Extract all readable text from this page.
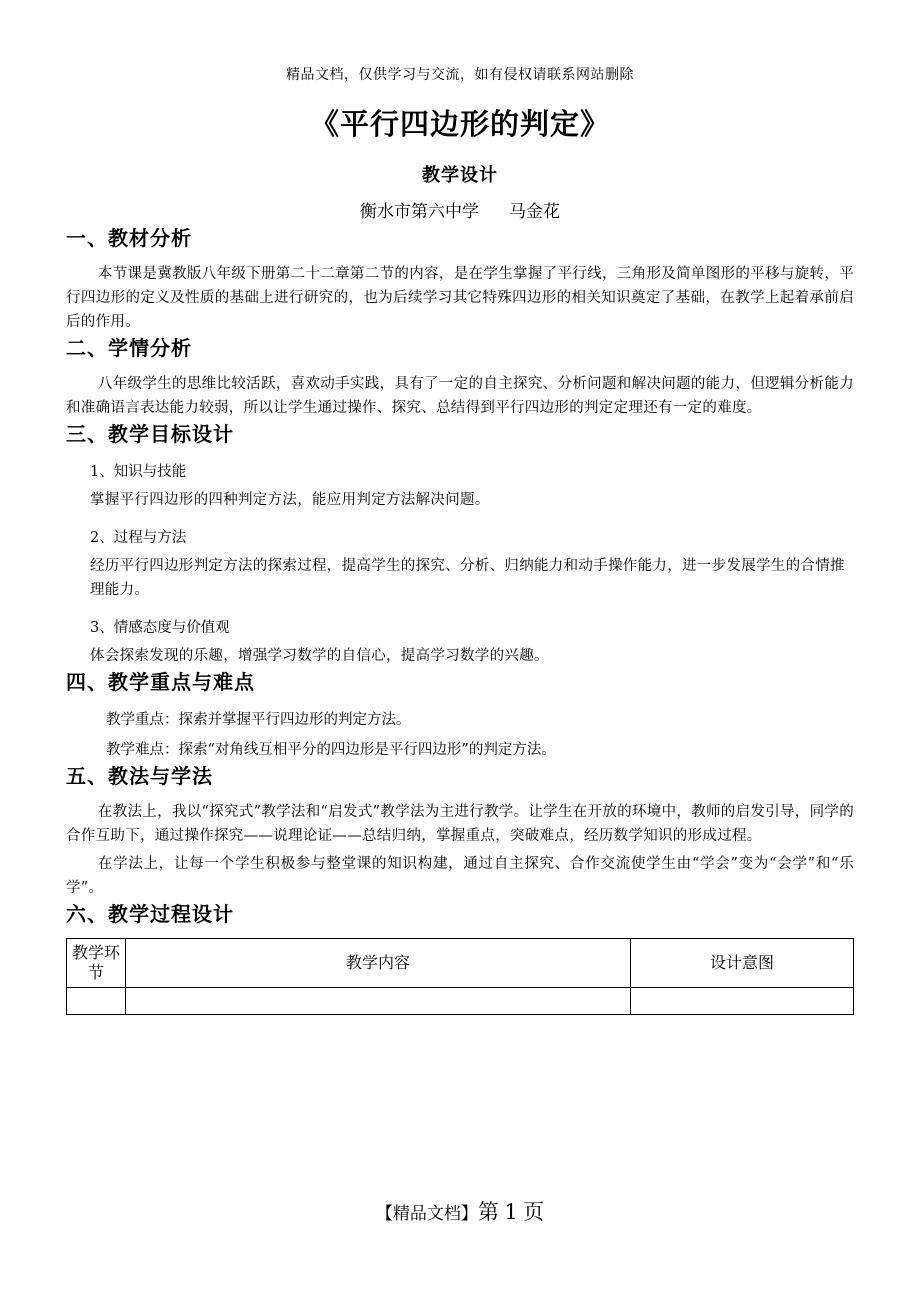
精品文档，仅供学习与交流，如有侵权请联系网站删除
《平行四边形的判定》
教学设计
衡水市第六中学 马金花
一、教材分析

本节课是冀教版八年级下册第二十二章第二节的内容，是在学生掌握了平行线，三角形及简单图形的平移与旋转，平行四边形的定义及性质的基础上进行研究的，也为后续学习其它特殊四边形的相关知识奠定了基础，在教学上起着承前启后的作用。

二、学情分析

八年级学生的思维比较活跃，喜欢动手实践，具有了一定的自主探究、分析问题和解决问题的能力，但逻辑分析能力和准确语言表达能力较弱，所以让学生通过操作、探究、总结得到平行四边形的判定定理还有一定的难度。

三、教学目标设计
1、知识与技能
掌握平行四边形的四种判定方法，能应用判定方法解决问题。
2、过程与方法
经历平行四边形判定方法的探索过程，提高学生的探究、分析、归纳能力和动手操作能力，进一步发展学生的合情推理能力。
3、情感态度与价值观
体会探索发现的乐趣，增强学习数学的自信心，提高学习数学的兴趣。
四、教学重点与难点
教学重点：探索并掌握平行四边形的判定方法。
教学难点：探索“对角线互相平分的四边形是平行四边形”的判定方法。
五、教法与学法

在教法上，我以“探究式”教学法和“启发式”教学法为主进行教学。让学生在开放的环境中，教师的启发引导，同学的合作互助下，通过操作探究——说理论证——总结归纳，掌握重点，突破难点，经历数学知识的形成过程。

在学法上，让每一个学生积极参与整堂课的知识构建，通过自主探究、合作交流使学生由“学会”变为“会学”和“乐学”。

六、教学过程设计
教学环节	教学内容	设计意图

【精品文档】第 1 页
